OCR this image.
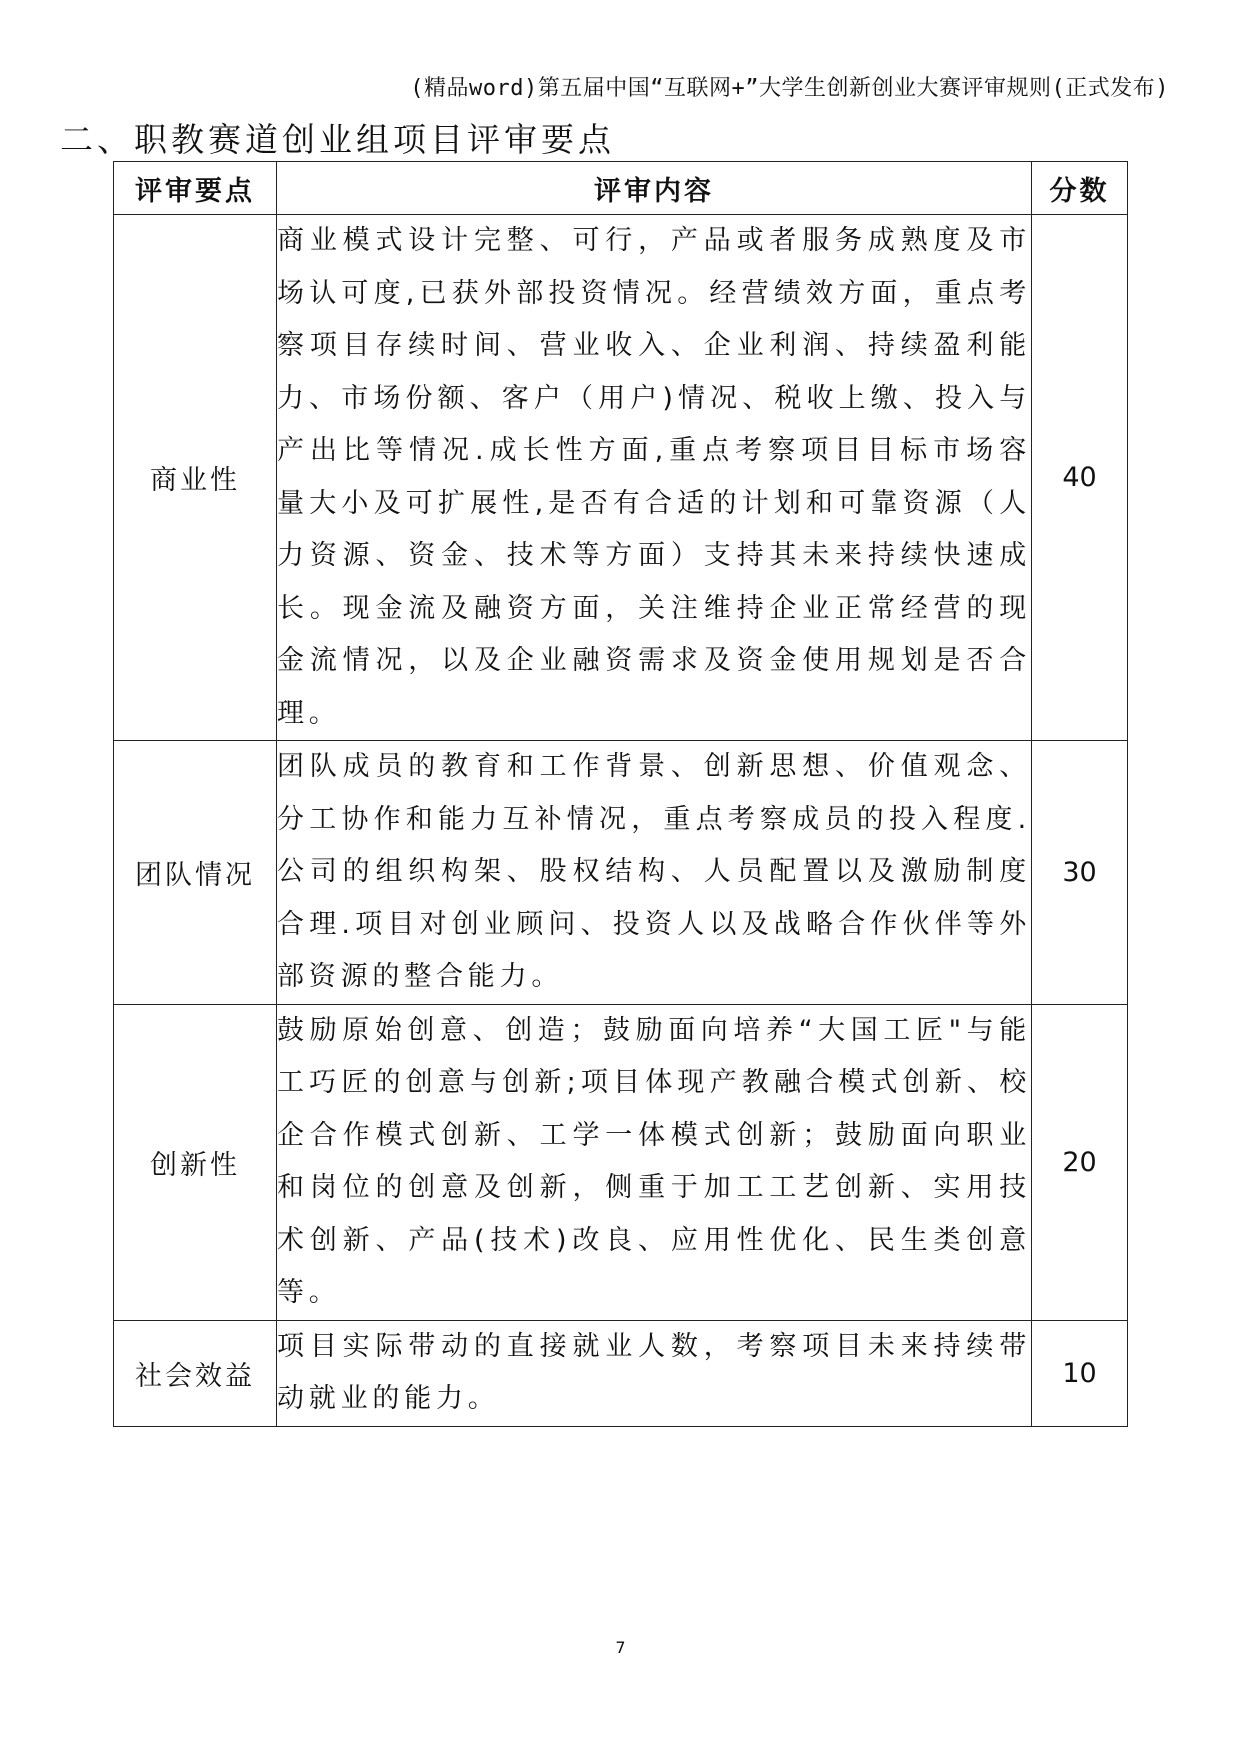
(精品word)第五届中国“互联网+”大学生创新创业大赛评审规则(正式发布)
二、职教赛道创业组项目评审要点
评审要点	评审内容	分数
商业性	商业模式设计完整、可行，产品或者服务成熟度及市场认可度,已获外部投资情况。经营绩效方面，重点考察项目存续时间、营业收入、企业利润、持续盈利能力、市场份额、客户（用户)情况、税收上缴、投入与产出比等情况.成长性方面,重点考察项目目标市场容量大小及可扩展性,是否有合适的计划和可靠资源（人力资源、资金、技术等方面）支持其未来持续快速成长。现金流及融资方面，关注维持企业正常经营的现金流情况，以及企业融资需求及资金使用规划是否合理。	40
团队情况	团队成员的教育和工作背景、创新思想、价值观念、分工协作和能力互补情况，重点考察成员的投入程度.公司的组织构架、股权结构、人员配置以及激励制度合理.项目对创业顾问、投资人以及战略合作伙伴等外部资源的整合能力。	30
创新性	鼓励原始创意、创造；鼓励面向培养“大国工匠"与能工巧匠的创意与创新;项目体现产教融合模式创新、校企合作模式创新、工学一体模式创新；鼓励面向职业和岗位的创意及创新，侧重于加工工艺创新、实用技术创新、产品(技术)改良、应用性优化、民生类创意等。	20
社会效益	项目实际带动的直接就业人数，考察项目未来持续带动就业的能力。	10
7
